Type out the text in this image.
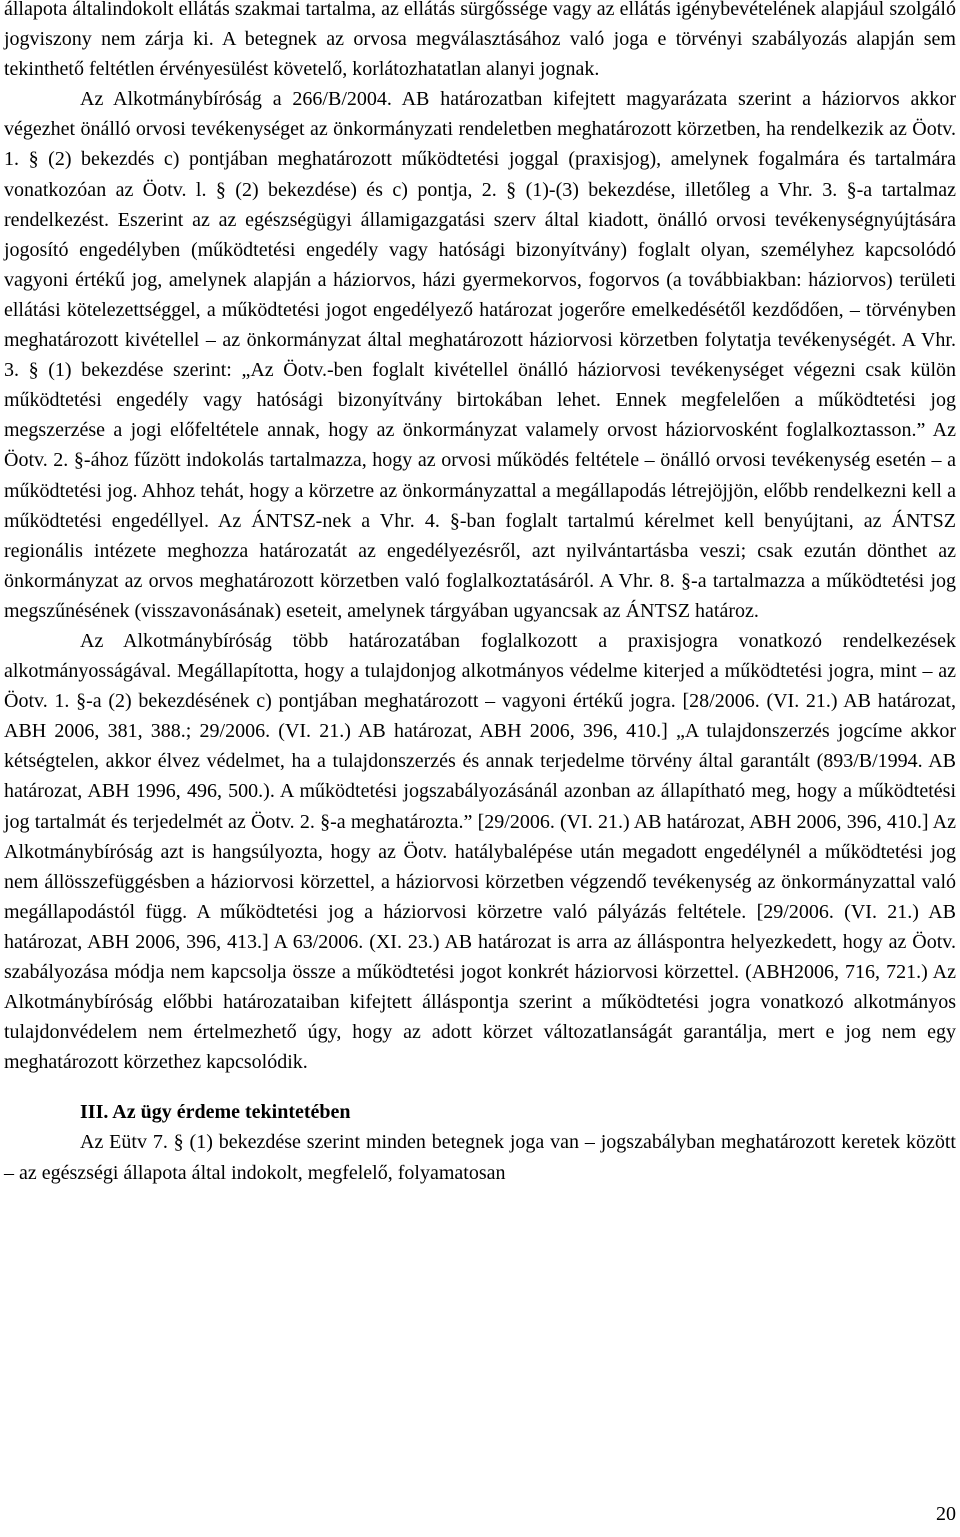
állapota általindokolt ellátás szakmai tartalma, az ellátás sürgőssége vagy az ellátás igénybevételének alapjául szolgáló jogviszony nem zárja ki. A betegnek az orvosa megválasztásához való joga e törvényi szabályozás alapján sem tekinthető feltétlen érvényesülést követelő, korlátozhatatlan alanyi jognak.

Az Alkotmánybíróság a 266/B/2004. AB határozatban kifejtett magyarázata szerint a háziorvos akkor végezhet önálló orvosi tevékenységet az önkormányzati rendeletben meghatározott körzetben, ha rendelkezik az Öotv. 1. § (2) bekezdés c) pontjában meghatározott működtetési joggal (praxisjog), amelynek fogalmára és tartalmára vonatkozóan az Öotv. l. § (2) bekezdése) és c) pontja, 2. § (1)-(3) bekezdése, illetőleg a Vhr. 3. §-a tartalmaz rendelkezést. Eszerint az az egészségügyi államigazgatási szerv által kiadott, önálló orvosi tevékenységnyújtására jogosító engedélyben (működtetési engedély vagy hatósági bizonyítvány) foglalt olyan, személyhez kapcsolódó vagyoni értékű jog, amelynek alapján a háziorvos, házi gyermekorvos, fogorvos (a továbbiakban: háziorvos) területi ellátási kötelezettséggel, a működtetési jogot engedélyező határozat jogerőre emelkedésétől kezdődően, – törvényben meghatározott kivétellel – az önkormányzat által meghatározott háziorvosi körzetben folytatja tevékenységét. A Vhr. 3. § (1) bekezdése szerint: „Az Öotv.-ben foglalt kivétellel önálló háziorvosi tevékenységet végezni csak külön működtetési engedély vagy hatósági bizonyítvány birtokában lehet. Ennek megfelelően a működtetési jog megszerzése a jogi előfeltétele annak, hogy az önkormányzat valamely orvost háziorvosként foglalkoztasson.” Az Öotv. 2. §-ához fűzött indokolás tartalmazza, hogy az orvosi működés feltétele – önálló orvosi tevékenység esetén – a működtetési jog. Ahhoz tehát, hogy a körzetre az önkormányzattal a megállapodás létrejöjjön, előbb rendelkezni kell a működtetési engedéllyel. Az ÁNTSZ-nek a Vhr. 4. §-ban foglalt tartalmú kérelmet kell benyújtani, az ÁNTSZ regionális intézete meghozza határozatát az engedélyezésről, azt nyilvántartásba veszi; csak ezután dönthet az önkormányzat az orvos meghatározott körzetben való foglalkoztatásáról. A Vhr. 8. §-a tartalmazza a működtetési jog megszűnésének (visszavonásának) eseteit, amelynek tárgyában ugyancsak az ÁNTSZ határoz.

Az Alkotmánybíróság több határozatában foglalkozott a praxisjogra vonatkozó rendelkezések alkotmányosságával. Megállapította, hogy a tulajdonjog alkotmányos védelme kiterjed a működtetési jogra, mint – az Öotv. 1. §-a (2) bekezdésének c) pontjában meghatározott – vagyoni értékű jogra. [28/2006. (VI. 21.) AB határozat, ABH 2006, 381, 388.; 29/2006. (VI. 21.) AB határozat, ABH 2006, 396, 410.] „A tulajdonszerzés jogcíme akkor kétségtelen, akkor élvez védelmet, ha a tulajdonszerzés és annak terjedelme törvény által garantált (893/B/1994. AB határozat, ABH 1996, 496, 500.). A működtetési jogszabályozásánál azonban az állapítható meg, hogy a működtetési jog tartalmát és terjedelmét az Öotv. 2. §-a meghatározta.” [29/2006. (VI. 21.) AB határozat, ABH 2006, 396, 410.] Az Alkotmánybíróság azt is hangsúlyozta, hogy az Öotv. hatálybalépése után megadott engedélynél a működtetési jog nem állösszefüggésben a háziorvosi körzettel, a háziorvosi körzetben végzendő tevékenység az önkormányzattal való megállapodástól függ. A működtetési jog a háziorvosi körzetre való pályázás feltétele. [29/2006. (VI. 21.) AB határozat, ABH 2006, 396, 413.] A 63/2006. (XI. 23.) AB határozat is arra az álláspontra helyezkedett, hogy az Öotv. szabályozása módja nem kapcsolja össze a működtetési jogot konkrét háziorvosi körzettel. (ABH2006, 716, 721.) Az Alkotmánybíróság előbbi határozataiban kifejtett álláspontja szerint a működtetési jogra vonatkozó alkotmányos tulajdonvédelem nem értelmezhető úgy, hogy az adott körzet változatlanságát garantálja, mert e jog nem egy meghatározott körzethez kapcsolódik.

III. Az ügy érdeme tekintetében

Az Eütv 7. § (1) bekezdése szerint minden betegnek joga van – jogszabályban meghatározott keretek között – az egészségi állapota által indokolt, megfelelő, folyamatosan

20
